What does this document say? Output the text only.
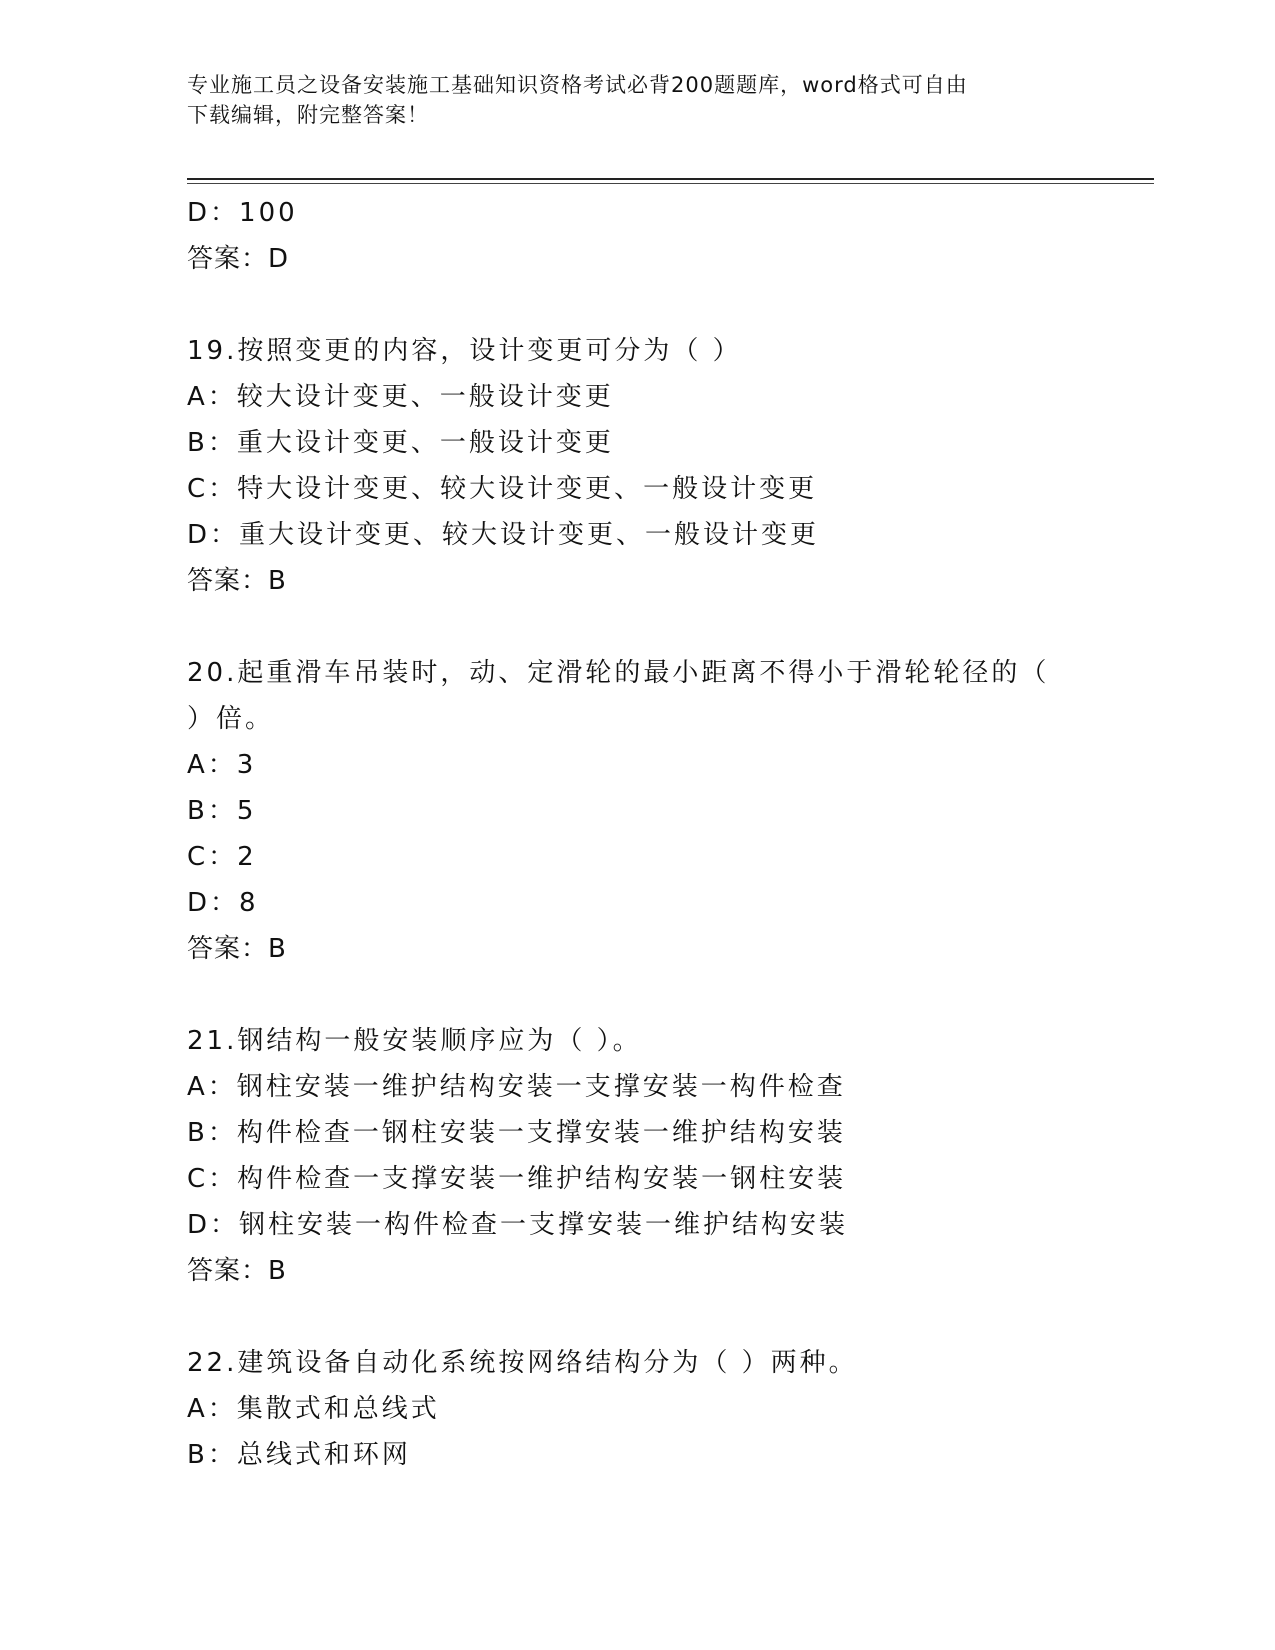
专业施工员之设备安装施工基础知识资格考试必背200题题库，word格式可自由
下载编辑，附完整答案！
D：100
答案：D
19.按照变更的内容，设计变更可分为（ ）
A：较大设计变更、一般设计变更
B：重大设计变更、一般设计变更
C：特大设计变更、较大设计变更、一般设计变更
D：重大设计变更、较大设计变更、一般设计变更
答案：B
20.起重滑车吊装时，动、定滑轮的最小距离不得小于滑轮轮径的（
）倍。
A：3
B：5
C：2
D：8
答案：B
21.钢结构一般安装顺序应为（ ）。
A：钢柱安装一维护结构安装一支撑安装一构件检查
B：构件检查一钢柱安装一支撑安装一维护结构安装
C：构件检查一支撑安装一维护结构安装一钢柱安装
D：钢柱安装一构件检查一支撑安装一维护结构安装
答案：B
22.建筑设备自动化系统按网络结构分为（ ）两种。
A：集散式和总线式
B：总线式和环网
